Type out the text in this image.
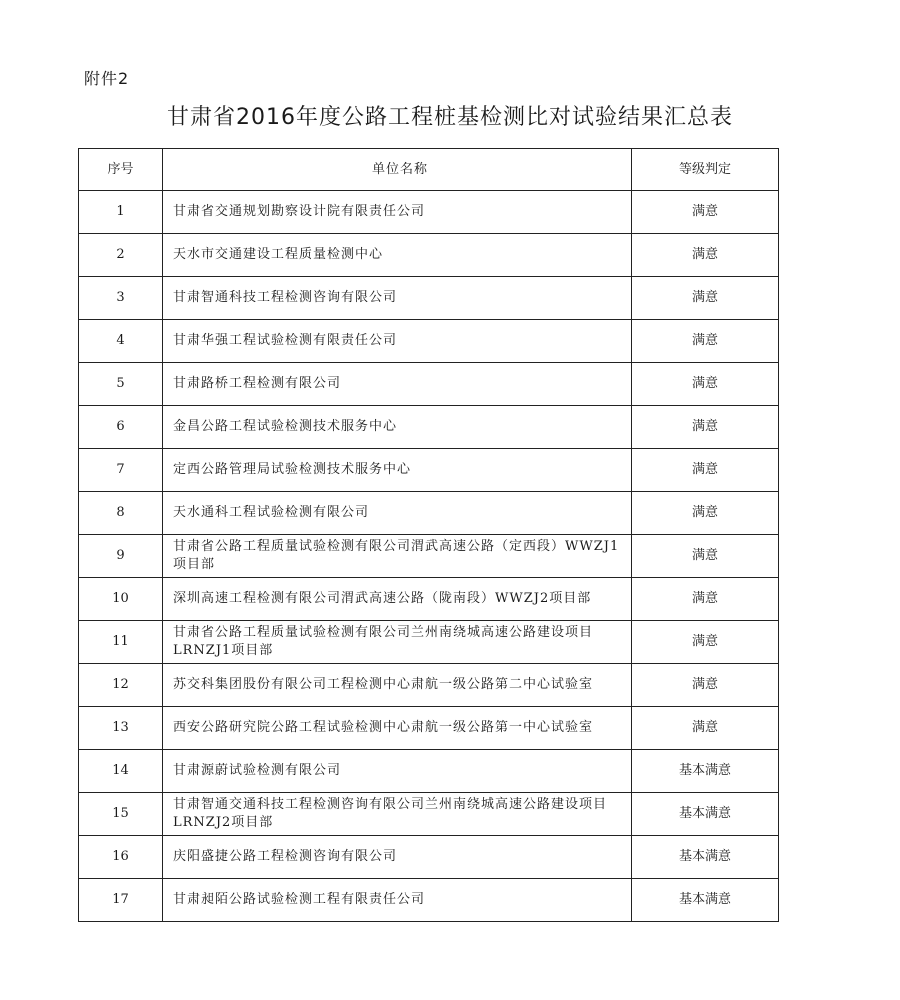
附件2
甘肃省2016年度公路工程桩基检测比对试验结果汇总表
序号	单位名称	等级判定
1	甘肃省交通规划勘察设计院有限责任公司	满意
2	天水市交通建设工程质量检测中心	满意
3	甘肃智通科技工程检测咨询有限公司	满意
4	甘肃华强工程试验检测有限责任公司	满意
5	甘肃路桥工程检测有限公司	满意
6	金昌公路工程试验检测技术服务中心	满意
7	定西公路管理局试验检测技术服务中心	满意
8	天水通科工程试验检测有限公司	满意
9	甘肃省公路工程质量试验检测有限公司渭武高速公路（定西段）WWZJ1项目部	满意
10	深圳高速工程检测有限公司渭武高速公路（陇南段）WWZJ2项目部	满意
11	甘肃省公路工程质量试验检测有限公司兰州南绕城高速公路建设项目LRNZJ1项目部	满意
12	苏交科集团股份有限公司工程检测中心肃航一级公路第二中心试验室	满意
13	西安公路研究院公路工程试验检测中心肃航一级公路第一中心试验室	满意
14	甘肃源蔚试验检测有限公司	基本满意
15	甘肃智通交通科技工程检测咨询有限公司兰州南绕城高速公路建设项目LRNZJ2项目部	基本满意
16	庆阳盛捷公路工程检测咨询有限公司	基本满意
17	甘肃昶陌公路试验检测工程有限责任公司	基本满意
